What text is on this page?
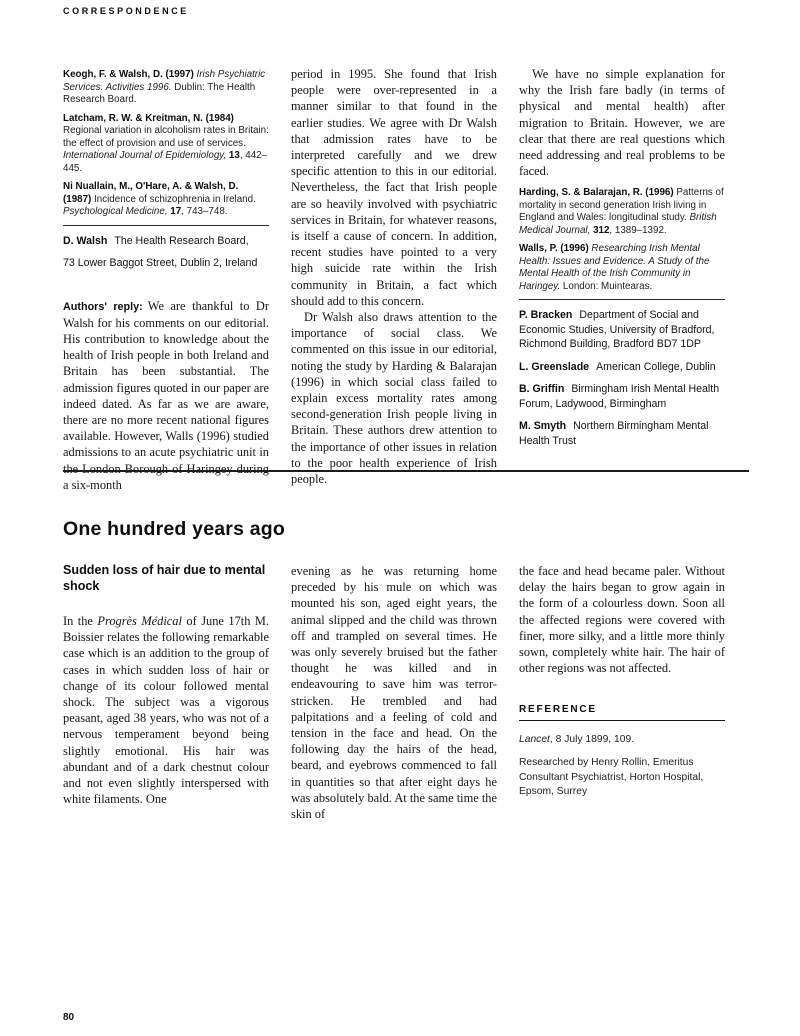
CORRESPONDENCE

Keogh, F. & Walsh, D. (1997) Irish Psychiatric Services. Activities 1996. Dublin: The Health Research Board.

Latcham, R. W. & Kreitman, N. (1984) Regional variation in alcoholism rates in Britain: the effect of provision and use of services. International Journal of Epidemiology, 13, 442–445.

Ni Nuallain, M., O'Hare, A. & Walsh, D. (1987) Incidence of schizophrenia in Ireland. Psychological Medicine, 17, 743–748.

D. Walsh The Health Research Board,

73 Lower Baggot Street, Dublin 2, Ireland

Authors' reply: We are thankful to Dr Walsh for his comments on our editorial. His contribution to knowledge about the health of Irish people in both Ireland and Britain has been substantial. The admission figures quoted in our paper are indeed dated. As far as we are aware, there are no more recent national figures available. However, Walls (1996) studied admissions to an acute psychiatric unit in the London Borough of Haringey during a six-month

period in 1995. She found that Irish people were over-represented in a manner similar to that found in the earlier studies. We agree with Dr Walsh that admission rates have to be interpreted carefully and we drew specific attention to this in our editorial. Nevertheless, the fact that Irish people are so heavily involved with psychiatric services in Britain, for whatever reasons, is itself a cause of concern. In addition, recent studies have pointed to a very high suicide rate within the Irish community in Britain, a fact which should add to this concern.

Dr Walsh also draws attention to the importance of social class. We commented on this issue in our editorial, noting the study by Harding & Balarajan (1996) in which social class failed to explain excess mortality rates among second-generation Irish people living in Britain. These authors drew attention to the importance of other issues in relation to the poor health experience of Irish people.

We have no simple explanation for why the Irish fare badly (in terms of physical and mental health) after migration to Britain. However, we are clear that there are real questions which need addressing and real problems to be faced.

Harding, S. & Balarajan, R. (1996) Patterns of mortality in second generation Irish living in England and Wales: longitudinal study. British Medical Journal, 312, 1389–1392.

Walls, P. (1996) Researching Irish Mental Health: Issues and Evidence. A Study of the Mental Health of the Irish Community in Haringey. London: Muintearas.

P. Bracken Department of Social and Economic Studies, University of Bradford, Richmond Building, Bradford BD7 1DP

L. Greenslade American College, Dublin

B. Griffin Birmingham Irish Mental Health Forum, Ladywood, Birmingham

M. Smyth Northern Birmingham Mental Health Trust

One hundred years ago
Sudden loss of hair due to mental shock

In the Progrès Médical of June 17th M. Boissier relates the following remarkable case which is an addition to the group of cases in which sudden loss of hair or change of its colour followed mental shock. The subject was a vigorous peasant, aged 38 years, who was not of a nervous temperament beyond being slightly emotional. His hair was abundant and of a dark chestnut colour and not even slightly interspersed with white filaments. One

evening as he was returning home preceded by his mule on which was mounted his son, aged eight years, the animal slipped and the child was thrown off and trampled on several times. He was only severely bruised but the father thought he was killed and in endeavouring to save him was terror-stricken. He trembled and had palpitations and a feeling of cold and tension in the face and head. On the following day the hairs of the head, beard, and eyebrows commenced to fall in quantities so that after eight days he was absolutely bald. At the same time the skin of

the face and head became paler. Without delay the hairs began to grow again in the form of a colourless down. Soon all the affected regions were covered with finer, more silky, and a little more thinly sown, completely white hair. The hair of other regions was not affected.

REFERENCE

Lancet, 8 July 1899, 109.

Researched by Henry Rollin, Emeritus Consultant Psychiatrist, Horton Hospital, Epsom, Surrey

80
